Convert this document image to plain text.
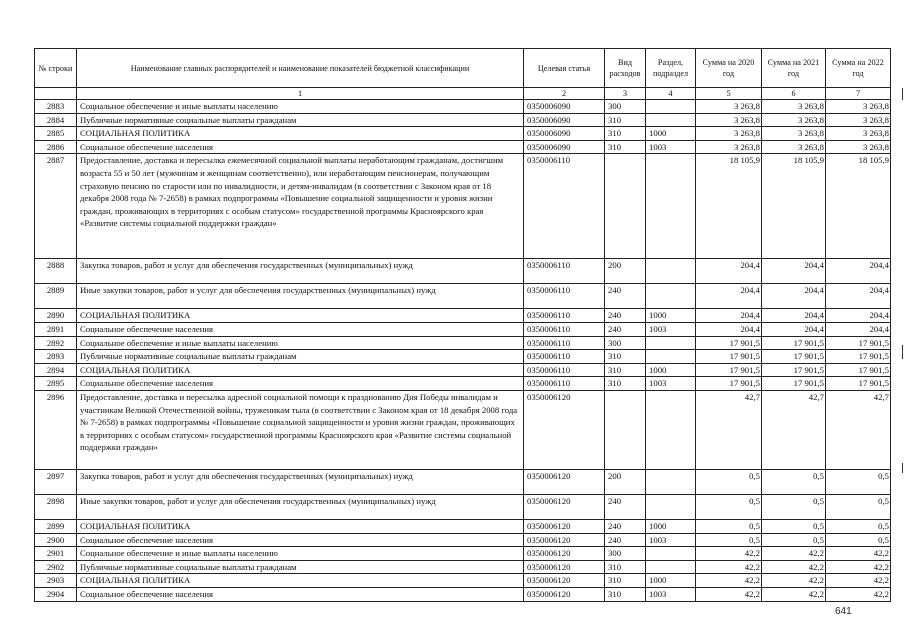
№ строки	Наименование главных распорядителей и наименование показателей бюджетной классификации	Целевая статья	Вид расходов	Раздел, подраздел	Сумма на 2020 год	Сумма на 2021 год	Сумма на 2022 год
	1	2	3	4	5	6	7
2883	Социальное обеспечение и иные выплаты населению	0350006090	300		3 263,8	3 263,8	3 263,8
2884	Публичные нормативные социальные выплаты гражданам	0350006090	310		3 263,8	3 263,8	3 263,8
2885	СОЦИАЛЬНАЯ ПОЛИТИКА	0350006090	310	1000	3 263,8	3 263,8	3 263,8
2886	Социальное обеспечение населения	0350006090	310	1003	3 263,8	3 263,8	3 263,8
2887	Предоставление, доставка и пересылка ежемесячной социальной выплаты неработающим гражданам, достигшим возраста 55 и 50 лет (мужчинам и женщинам соответственно), или неработающим пенсионерам, получающим страховую пенсию по старости или по инвалидности, и детям-инвалидам (в соответствии с Законом края от 18 декабря 2008 года № 7-2658) в рамках подпрограммы «Повышение социальной защищенности и уровня жизни граждан, проживающих в территориях с особым статусом» государственной программы Красноярского края «Развитие системы социальной поддержки граждан»	0350006110			18 105,9	18 105,9	18 105,9
2888	Закупка товаров, работ и услуг для обеспечения государственных (муниципальных) нужд	0350006110	200		204,4	204,4	204,4
2889	Иные закупки товаров, работ и услуг для обеспечения государственных (муниципальных) нужд	0350006110	240		204,4	204,4	204,4
2890	СОЦИАЛЬНАЯ ПОЛИТИКА	0350006110	240	1000	204,4	204,4	204,4
2891	Социальное обеспечение населения	0350006110	240	1003	204,4	204,4	204,4
2892	Социальное обеспечение и иные выплаты населению	0350006110	300		17 901,5	17 901,5	17 901,5
2893	Публичные нормативные социальные выплаты гражданам	0350006110	310		17 901,5	17 901,5	17 901,5
2894	СОЦИАЛЬНАЯ ПОЛИТИКА	0350006110	310	1000	17 901,5	17 901,5	17 901,5
2895	Социальное обеспечение населения	0350006110	310	1003	17 901,5	17 901,5	17 901,5
2896	Предоставление, доставка и пересылка адресной социальной помощи к празднованию Дня Победы инвалидам и участникам Великой Отечественной войны, труженикам тыла (в соответствии с Законом края от 18 декабря 2008 года № 7-2658) в рамках подпрограммы «Повышение социальной защищенности и уровня жизни граждан, проживающих в территориях с особым статусом» государственной программы Красноярского края «Развитие системы социальной поддержки граждан»	0350006120			42,7	42,7	42,7
2897	Закупка товаров, работ и услуг для обеспечения государственных (муниципальных) нужд	0350006120	200		0,5	0,5	0,5
2898	Иные закупки товаров, работ и услуг для обеспечения государственных (муниципальных) нужд	0350006120	240		0,5	0,5	0,5
2899	СОЦИАЛЬНАЯ ПОЛИТИКА	0350006120	240	1000	0,5	0,5	0,5
2900	Социальное обеспечение населения	0350006120	240	1003	0,5	0,5	0,5
2901	Социальное обеспечение и иные выплаты населению	0350006120	300		42,2	42,2	42,2
2902	Публичные нормативные социальные выплаты гражданам	0350006120	310		42,2	42,2	42,2
2903	СОЦИАЛЬНАЯ ПОЛИТИКА	0350006120	310	1000	42,2	42,2	42,2
2904	Социальное обеспечение населения	0350006120	310	1003	42,2	42,2	42,2
641
